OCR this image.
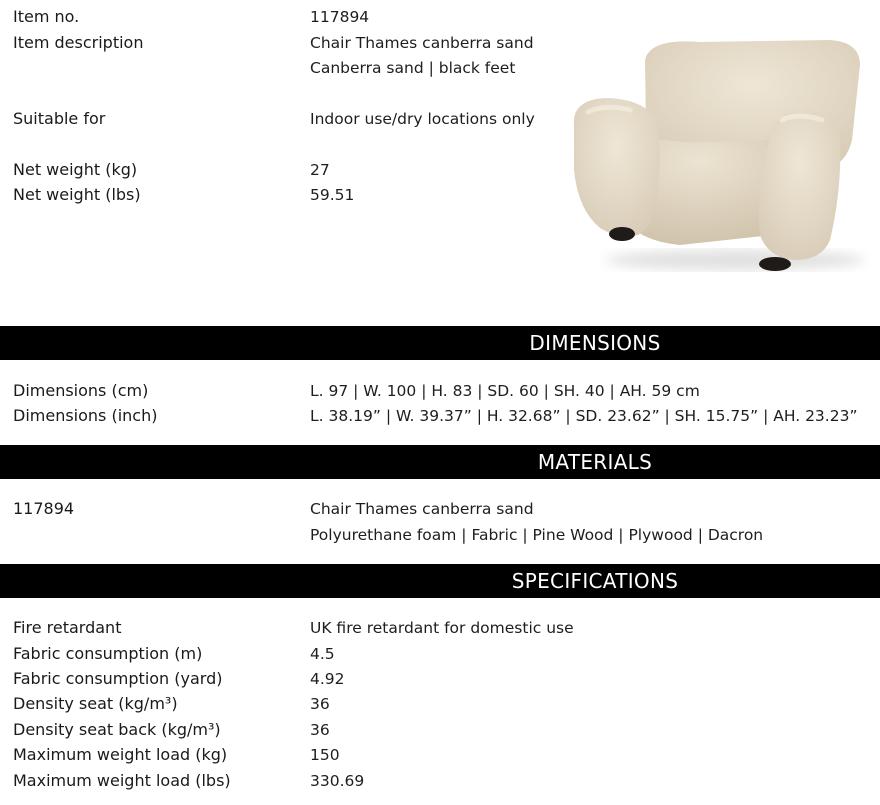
Item no.	117894
Item description	Chair Thames canberra sand
Canberra sand | black feet
Suitable for	Indoor use/dry locations only
Net weight (kg)	27
Net weight (lbs)	59.51
DIMENSIONS
Dimensions (cm)	L. 97 | W. 100 | H. 83 | SD. 60 | SH. 40 | AH. 59 cm
Dimensions (inch)	L. 38.19” | W. 39.37” | H. 32.68” | SD. 23.62” | SH. 15.75” | AH. 23.23”
MATERIALS
117894	Chair Thames canberra sand
Polyurethane foam | Fabric | Pine Wood | Plywood | Dacron
SPECIFICATIONS
Fire retardant	UK fire retardant for domestic use
Fabric consumption (m)	4.5
Fabric consumption (yard)	4.92
Density seat (kg/m³)	36
Density seat back (kg/m³)	36
Maximum weight load (kg)	150
Maximum weight load (lbs)	330.69
